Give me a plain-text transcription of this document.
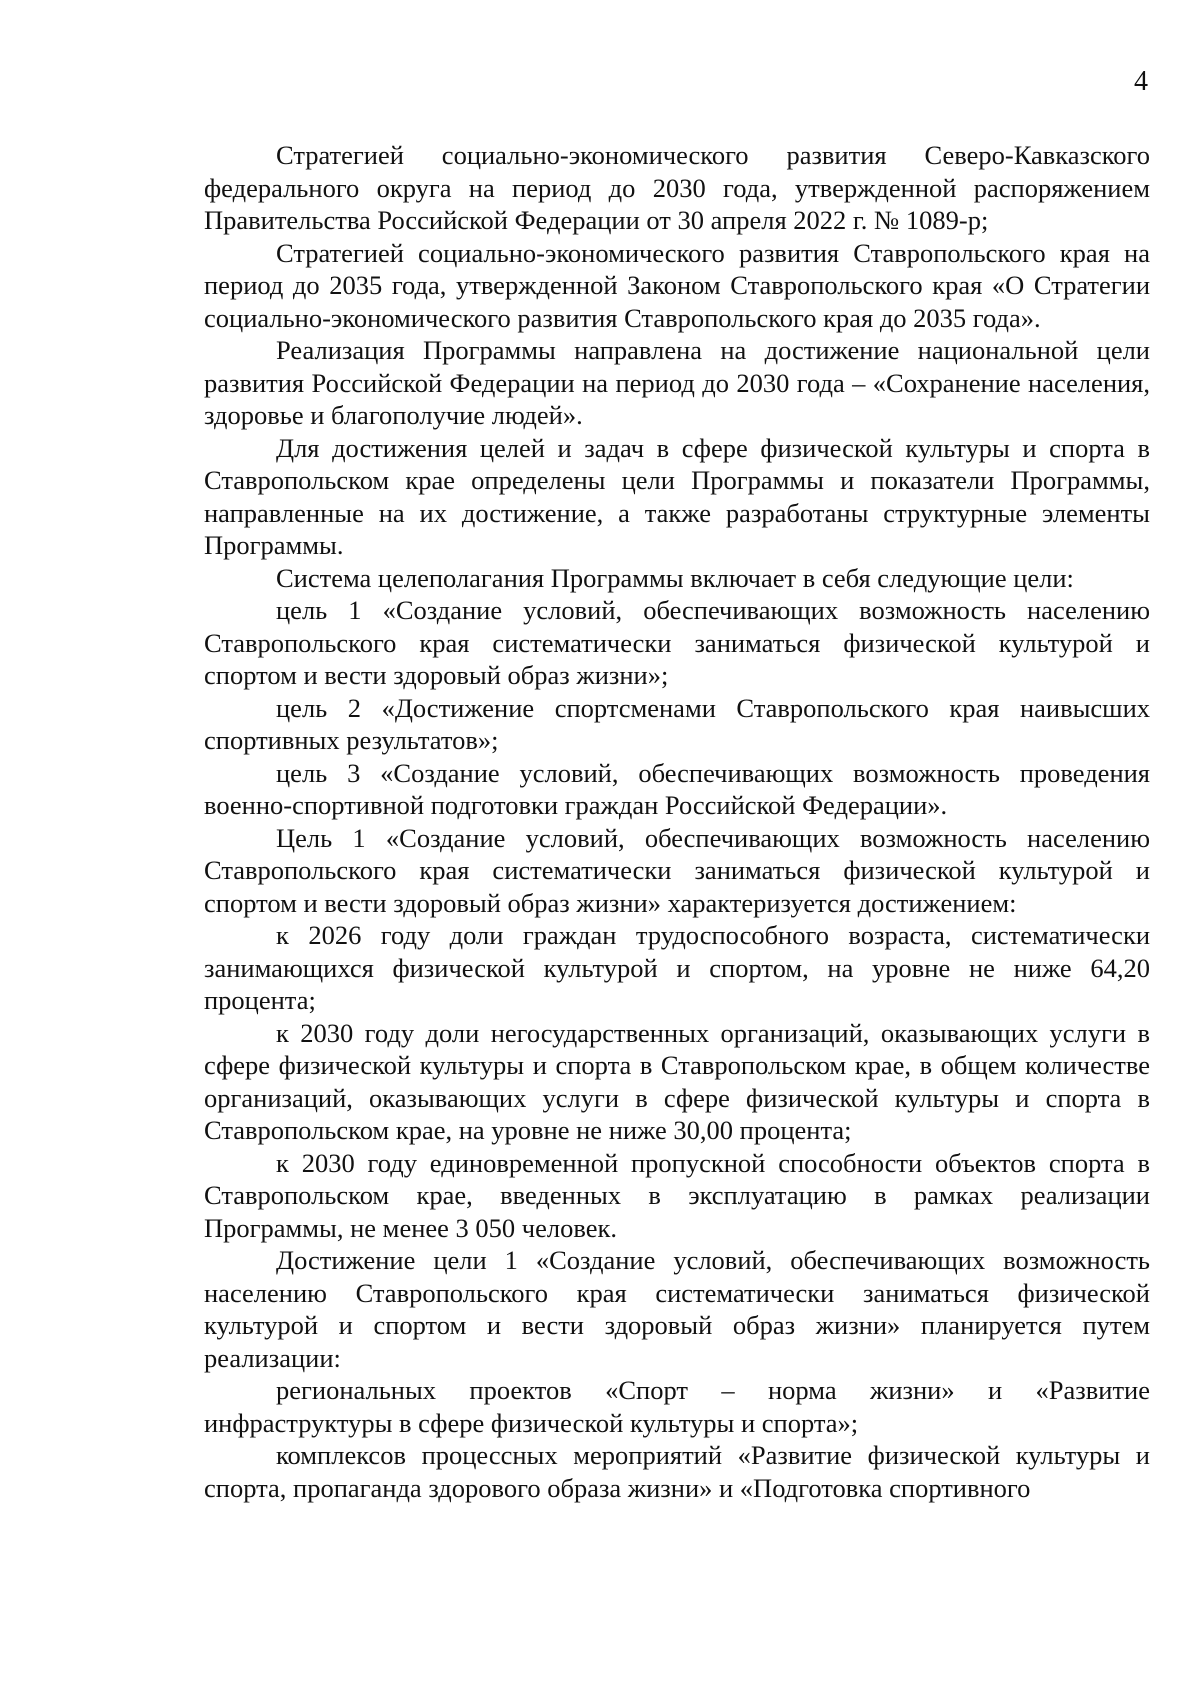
4

Стратегией социально-экономического развития Северо-Кавказского федерального округа на период до 2030 года, утвержденной распоряжением Правительства Российской Федерации от 30 апреля 2022 г. № 1089-р;

Стратегией социально-экономического развития Ставропольского края на период до 2035 года, утвержденной Законом Ставропольского края «О Стратегии социально-экономического развития Ставропольского края до 2035 года».

Реализация Программы направлена на достижение национальной цели развития Российской Федерации на период до 2030 года – «Сохранение населения, здоровье и благополучие людей».

Для достижения целей и задач в сфере физической культуры и спорта в Ставропольском крае определены цели Программы и показатели Программы, направленные на их достижение, а также разработаны структурные элементы Программы.

Система целеполагания Программы включает в себя следующие цели:

цель 1 «Создание условий, обеспечивающих возможность населению Ставропольского края систематически заниматься физической культурой и спортом и вести здоровый образ жизни»;

цель 2 «Достижение спортсменами Ставропольского края наивысших спортивных результатов»;

цель 3 «Создание условий, обеспечивающих возможность проведения военно-спортивной подготовки граждан Российской Федерации».

Цель 1 «Создание условий, обеспечивающих возможность населению Ставропольского края систематически заниматься физической культурой и спортом и вести здоровый образ жизни» характеризуется достижением:

к 2026 году доли граждан трудоспособного возраста, систематически занимающихся физической культурой и спортом, на уровне не ниже 64,20 процента;

к 2030 году доли негосударственных организаций, оказывающих услуги в сфере физической культуры и спорта в Ставропольском крае, в общем количестве организаций, оказывающих услуги в сфере физической культуры и спорта в Ставропольском крае, на уровне не ниже 30,00 процента;

к 2030 году единовременной пропускной способности объектов спорта в Ставропольском крае, введенных в эксплуатацию в рамках реализации Программы, не менее 3 050 человек.

Достижение цели 1 «Создание условий, обеспечивающих возможность населению Ставропольского края систематически заниматься физической культурой и спортом и вести здоровый образ жизни» планируется путем реализации:

региональных проектов «Спорт – норма жизни» и «Развитие инфраструктуры в сфере физической культуры и спорта»;

комплексов процессных мероприятий «Развитие физической культуры и спорта, пропаганда здорового образа жизни» и «Подготовка спортивного
